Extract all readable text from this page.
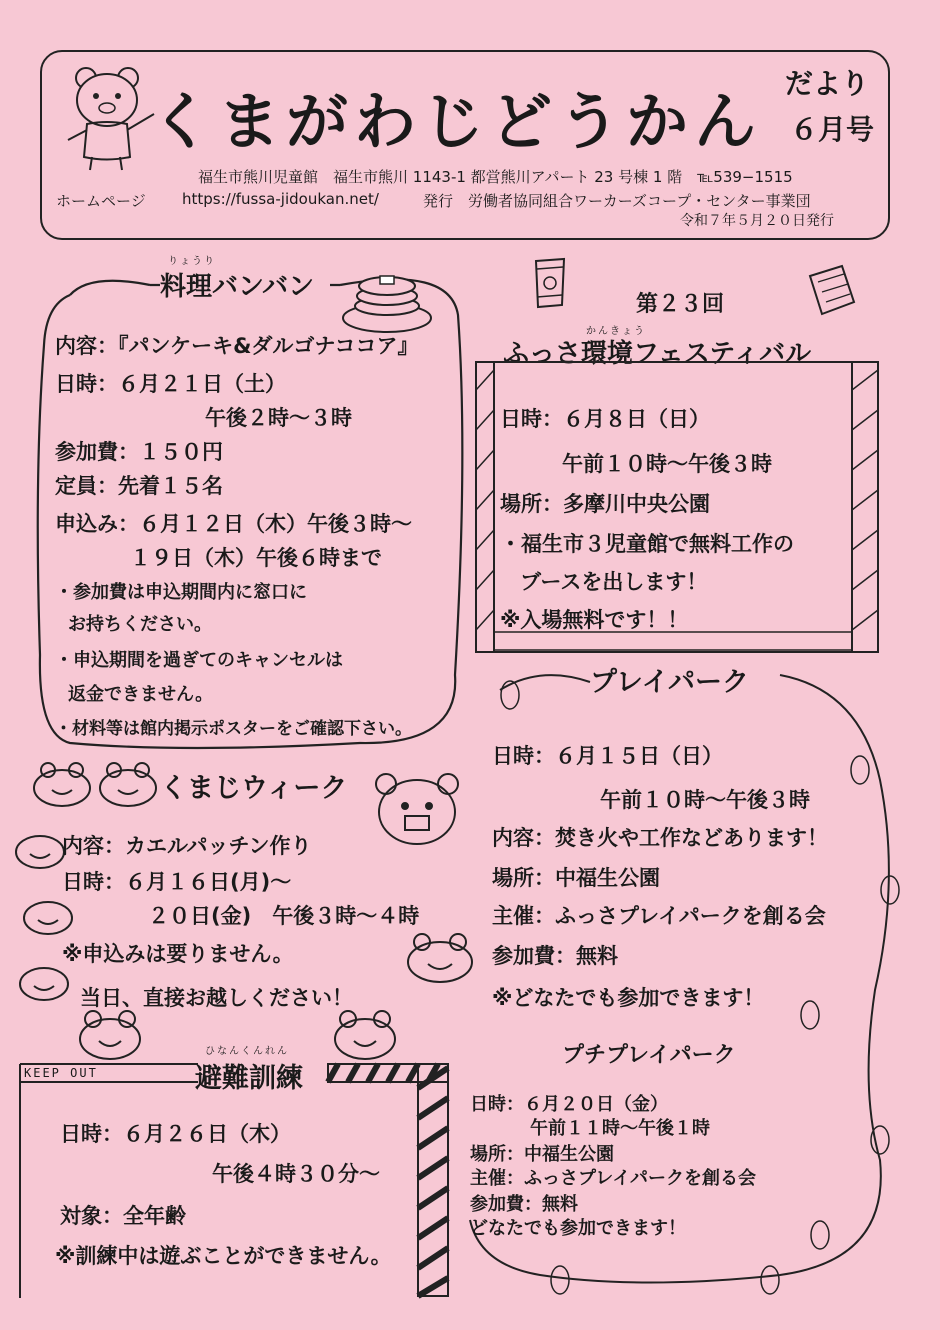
くまがわじどうかん
だより
６月号
福生市熊川児童館　福生市熊川 1143-1 都営熊川アパート 23 号棟 1 階　℡539−1515
ホームページ https://fussa-jidoukan.net/	発行　労働者協同組合ワーカーズコープ・センター事業団
令和７年５月２０日発行
りょうり
料理バンバン
内容：『パンケーキ&ダルゴナココア』
日時：６月２１日（土）
午後２時～３時
参加費：１５０円
定員：先着１５名
申込み：６月１２日（木）午後３時～
１９日（木）午後６時まで
・参加費は申込期間内に窓口に
お持ちください。
・申込期間を過ぎてのキャンセルは
返金できません。
・材料等は館内掲示ポスターをご確認下さい。
第２３回
かんきょう
ふっさ環境フェスティバル
日時：６月８日（日）
午前１０時～午後３時
場所：多摩川中央公園
・福生市３児童館で無料工作の
ブースを出します！
※入場無料です！！
くまじウィーク
内容：カエルパッチン作り
日時：６月１６日(月)～
２０日(金)　午後３時～４時
※申込みは要りません。
当日、直接お越しください！
プレイパーク
日時：６月１５日（日）
午前１０時～午後３時
内容：焚き火や工作などあります！
場所：中福生公園
主催：ふっさプレイパークを創る会
参加費：無料
※どなたでも参加できます！
プチプレイパーク
日時：６月２０日（金）
午前１１時～午後１時
場所：中福生公園
主催：ふっさプレイパークを創る会
参加費：無料
どなたでも参加できます！
KEEP OUT
ひなんくんれん
避難訓練
日時：６月２６日（木）
午後４時３０分～
対象：全年齢
※訓練中は遊ぶことができません。
